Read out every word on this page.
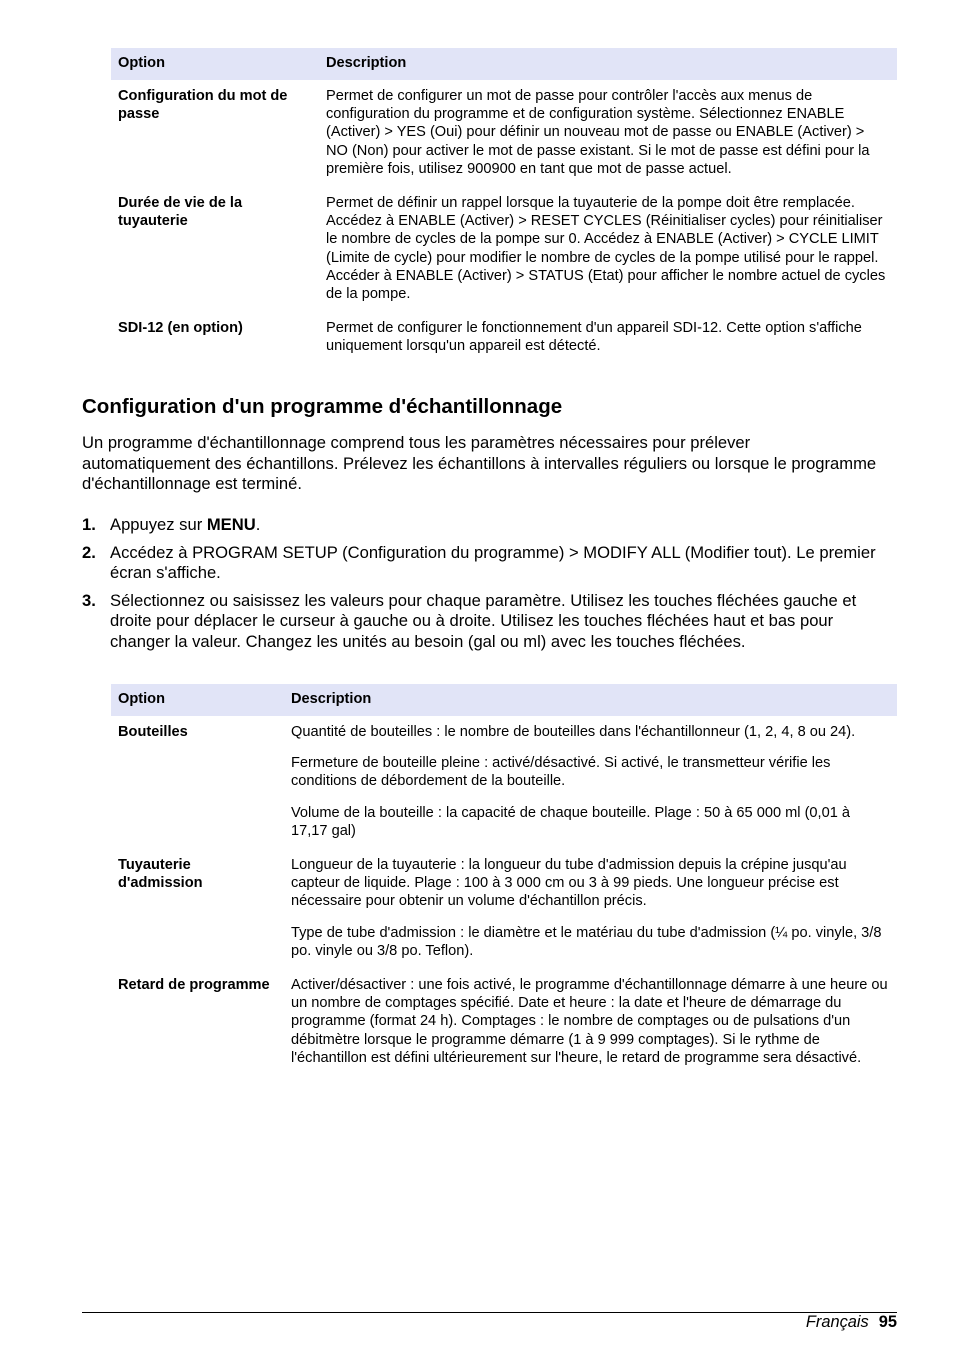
Option	Description
Configuration du mot de passe	Permet de configurer un mot de passe pour contrôler l'accès aux menus de configuration du programme et de configuration système. Sélectionnez ENABLE (Activer) > YES (Oui) pour définir un nouveau mot de passe ou ENABLE (Activer) > NO (Non) pour activer le mot de passe existant. Si le mot de passe est défini pour la première fois, utilisez 900900 en tant que mot de passe actuel.
Durée de vie de la tuyauterie	Permet de définir un rappel lorsque la tuyauterie de la pompe doit être remplacée. Accédez à ENABLE (Activer) > RESET CYCLES (Réinitialiser cycles) pour réinitialiser le nombre de cycles de la pompe sur 0. Accédez à ENABLE (Activer) > CYCLE LIMIT (Limite de cycle) pour modifier le nombre de cycles de la pompe utilisé pour le rappel. Accéder à ENABLE (Activer) > STATUS (Etat) pour afficher le nombre actuel de cycles de la pompe.
SDI-12 (en option)	Permet de configurer le fonctionnement d'un appareil SDI-12. Cette option s'affiche uniquement lorsqu'un appareil est détecté.
Configuration d'un programme d'échantillonnage

Un programme d'échantillonnage comprend tous les paramètres nécessaires pour prélever automatiquement des échantillons. Prélevez les échantillons à intervalles réguliers ou lorsque le programme d'échantillonnage est terminé.

1. Appuyez sur MENU.
2. Accédez à PROGRAM SETUP (Configuration du programme) > MODIFY ALL (Modifier tout). Le premier écran s'affiche.
3. Sélectionnez ou saisissez les valeurs pour chaque paramètre. Utilisez les touches fléchées gauche et droite pour déplacer le curseur à gauche ou à droite. Utilisez les touches fléchées haut et bas pour changer la valeur. Changez les unités au besoin (gal ou ml) avec les touches fléchées.
Option	Description
Bouteilles	Quantité de bouteilles : le nombre de bouteilles dans l'échantillonneur (1, 2, 4, 8 ou 24).

Fermeture de bouteille pleine : activé/désactivé. Si activé, le transmetteur vérifie les conditions de débordement de la bouteille.

Volume de la bouteille : la capacité de chaque bouteille. Plage : 50 à 65 000 ml (0,01 à 17,17 gal)

Tuyauterie d'admission	Longueur de la tuyauterie : la longueur du tube d'admission depuis la crépine jusqu'au capteur de liquide. Plage : 100 à 3 000 cm ou 3 à 99 pieds. Une longueur précise est nécessaire pour obtenir un volume d'échantillon précis.

Type de tube d'admission : le diamètre et le matériau du tube d'admission (¼ po. vinyle, 3/8 po. vinyle ou 3/8 po. Teflon).

Retard de programme	Activer/désactiver : une fois activé, le programme d'échantillonnage démarre à une heure ou un nombre de comptages spécifié. Date et heure : la date et l'heure de démarrage du programme (format 24 h). Comptages : le nombre de comptages ou de pulsations d'un débitmètre lorsque le programme démarre (1 à 9 999 comptages). Si le rythme de l'échantillon est défini ultérieurement sur l'heure, le retard de programme sera désactivé.

Français 95
